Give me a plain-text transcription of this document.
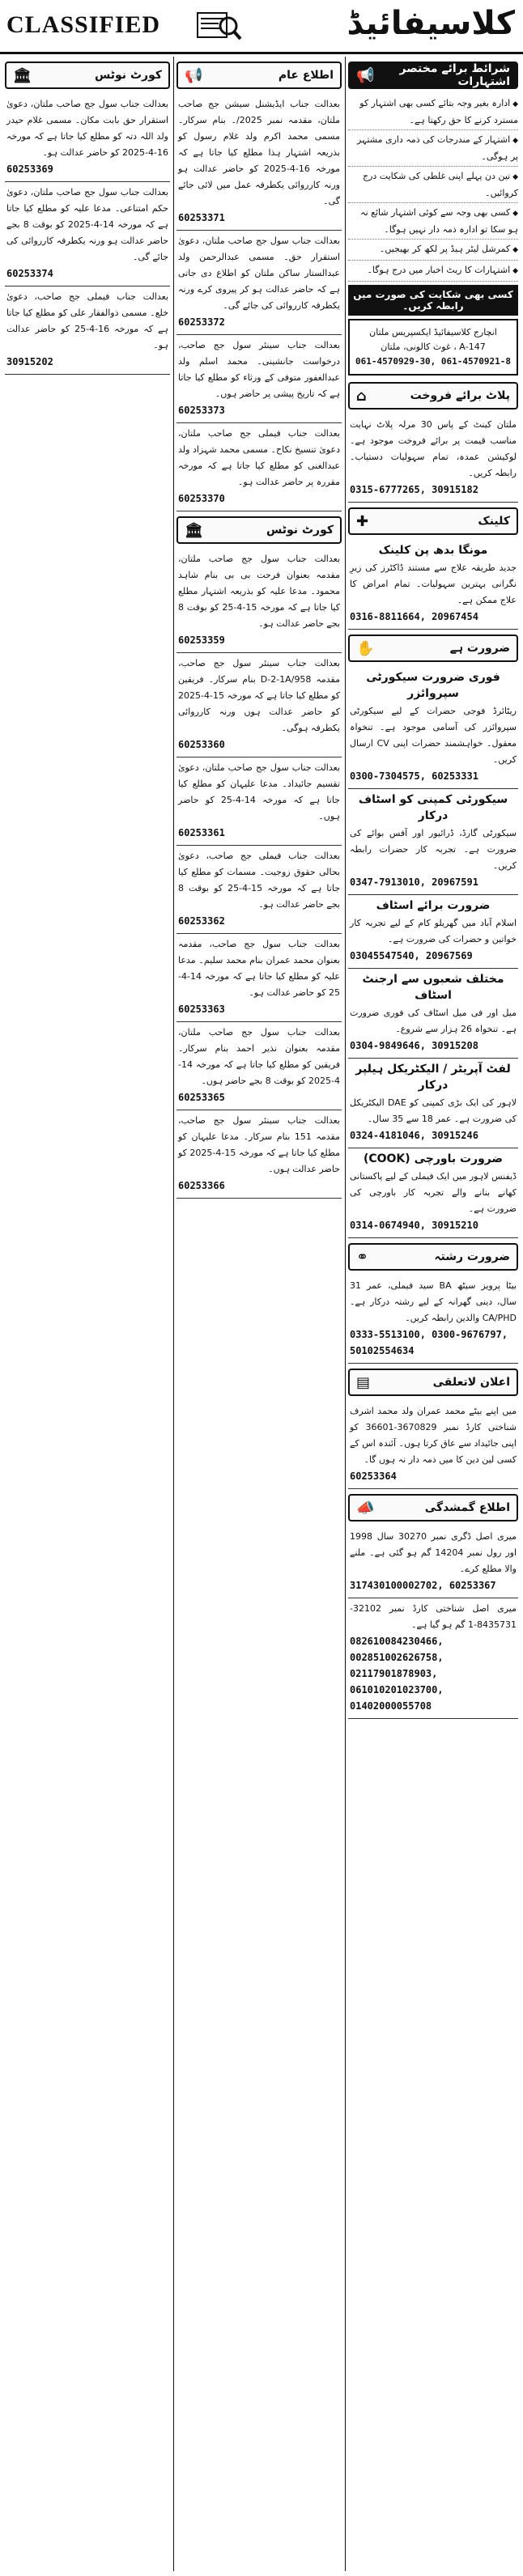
CLASSIFIED	کلاسیفائیڈ
شرائط برائے مختصر اشتہارات
📢
◆ ادارہ بغیر وجہ بتائے کسی بھی اشتہار کو مسترد کرنے کا حق رکھتا ہے۔
◆ اشتہار کے مندرجات کی ذمہ داری مشتہر پر ہوگی۔
◆ تین دن پہلے اپنی غلطی کی شکایت درج کروائیں۔
◆ کسی بھی وجہ سے کوئی اشتہار شائع نہ ہو سکا تو ادارہ ذمہ دار نہیں ہوگا۔
◆ کمرشل لیٹر ہیڈ پر لکھ کر بھیجیں۔
◆ اشتہارات کا ریٹ اخبار میں درج ہوگا۔
کسی بھی شکایت کی صورت میں رابطہ کریں۔
انچارج کلاسیفائیڈ ایکسپریس ملتان
147-A ، غوث کالونی، ملتان
061-4570929-30, 061-4570921-8
پلاٹ برائے فروخت
⌂
ملتان کینٹ کے پاس 30 مرلہ پلاٹ نہایت مناسب قیمت پر برائے فروخت موجود ہے۔ لوکیشن عمدہ، تمام سہولیات دستیاب۔ رابطہ کریں۔
0315-6777265, 30915182
کلینک
✚
مونگا بدھ پن کلینک
جدید طریقہ علاج سے مستند ڈاکٹرز کی زیرِ نگرانی بہترین سہولیات۔ تمام امراض کا علاج ممکن ہے۔
0316-8811664, 20967454
ضرورت ہے
✋
فوری ضرورت سیکورٹی سپروائزر
ریٹائرڈ فوجی حضرات کے لیے سیکورٹی سپروائزر کی آسامی موجود ہے۔ تنخواہ معقول۔ خواہشمند حضرات اپنی CV ارسال کریں۔
0300-7304575, 60253331
سیکورٹی کمپنی کو اسٹاف درکار
سیکورٹی گارڈ، ڈرائیور اور آفس بوائے کی ضرورت ہے۔ تجربہ کار حضرات رابطہ کریں۔
0347-7913010, 20967591
ضرورت برائے اسٹاف
اسلام آباد میں گھریلو کام کے لیے تجربہ کار خواتین و حضرات کی ضرورت ہے۔
03045547540, 20967569
مختلف شعبوں سے ارجنٹ اسٹاف
میل اور فی میل اسٹاف کی فوری ضرورت ہے۔ تنخواہ 26 ہزار سے شروع۔
0304-9849646, 30915208
لفٹ آپریٹر / الیکٹریکل ہیلپر درکار
لاہور کی ایک بڑی کمپنی کو DAE الیکٹریکل کی ضرورت ہے۔ عمر 18 سے 35 سال۔
0324-4181046, 30915246
ضرورت باورچی (COOK)
ڈیفنس لاہور میں ایک فیملی کے لیے پاکستانی کھانے بنانے والے تجربہ کار باورچی کی ضرورت ہے۔
0314-0674940, 30915210
ضرورت رشتہ
⚭
بیٹا پرویز سیٹھ BA سید فیملی، عمر 31 سال، دینی گھرانہ کے لیے رشتہ درکار ہے۔ CA/PHD والدین رابطہ کریں۔
0333-5513100, 0300-9676797, 50102554634
اعلان لاتعلقی
▤
میں اپنے بیٹے محمد عمران ولد محمد اشرف شناختی کارڈ نمبر 3670829-36601 کو اپنی جائیداد سے عاق کرتا ہوں۔ آئندہ اس کے کسی لین دین کا میں ذمہ دار نہ ہوں گا۔
60253364
اطلاع گمشدگی
📣
میری اصل ڈگری نمبر 30270 سال 1998 اور رول نمبر 14204 گم ہو گئی ہے۔ ملنے والا مطلع کرے۔
317430100002702, 60253367
میری اصل شناختی کارڈ نمبر 32102-8435731-1 گم ہو گیا ہے۔
082610084230466, 002851002626758, 02117901878903, 061010201023700, 01402000055708
اطلاع عام
📢
بعدالت جناب ایڈیشنل سیشن جج صاحب ملتان، مقدمہ نمبر 2025/۔ بنام سرکار۔ مسمی محمد اکرم ولد غلام رسول کو بذریعہ اشتہار ہذا مطلع کیا جاتا ہے کہ مورخہ 16-4-2025 کو حاضر عدالت ہو ورنہ کارروائی یکطرفہ عمل میں لائی جائے گی۔
60253371
بعدالت جناب سول جج صاحب ملتان، دعویٰ استقرار حق۔ مسمی عبدالرحمن ولد عبدالستار ساکن ملتان کو اطلاع دی جاتی ہے کہ حاضر عدالت ہو کر پیروی کرے ورنہ یکطرفہ کارروائی کی جائے گی۔
60253372
بعدالت جناب سینئر سول جج صاحب، درخواست جانشینی۔ محمد اسلم ولد عبدالغفور متوفی کے ورثاء کو مطلع کیا جاتا ہے کہ تاریخ پیشی پر حاضر ہوں۔
60253373
بعدالت جناب فیملی جج صاحب ملتان، دعویٰ تنسیخ نکاح۔ مسمی محمد شہزاد ولد عبدالغنی کو مطلع کیا جاتا ہے کہ مورخہ مقررہ پر حاضر عدالت ہو۔
60253370
کورٹ نوٹس
🏛
بعدالت جناب سول جج صاحب ملتان، مقدمہ بعنوان فرحت بی بی بنام شاہد محمود۔ مدعا علیہ کو بذریعہ اشتہار مطلع کیا جاتا ہے کہ مورخہ 15-4-25 کو بوقت 8 بجے حاضر عدالت ہو۔
60253359
بعدالت جناب سینئر سول جج صاحب، مقدمہ 958/D-2-1A بنام سرکار۔ فریقین کو مطلع کیا جاتا ہے کہ مورخہ 15-4-2025 کو حاضر عدالت ہوں ورنہ کارروائی یکطرفہ ہوگی۔
60253360
بعدالت جناب سول جج صاحب ملتان، دعویٰ تقسیم جائیداد۔ مدعا علیہان کو مطلع کیا جاتا ہے کہ مورخہ 14-4-25 کو حاضر ہوں۔
60253361
بعدالت جناب فیملی جج صاحب، دعویٰ بحالی حقوق زوجیت۔ مسمات کو مطلع کیا جاتا ہے کہ مورخہ 15-4-25 کو بوقت 8 بجے حاضر عدالت ہو۔
60253362
بعدالت جناب سول جج صاحب، مقدمہ بعنوان محمد عمران بنام محمد سلیم۔ مدعا علیہ کو مطلع کیا جاتا ہے کہ مورخہ 14-4-25 کو حاضر عدالت ہو۔
60253363
بعدالت جناب سول جج صاحب ملتان، مقدمہ بعنوان نذیر احمد بنام سرکار۔ فریقین کو مطلع کیا جاتا ہے کہ مورخہ 14-4-2025 کو بوقت 8 بجے حاضر ہوں۔
60253365
بعدالت جناب سینئر سول جج صاحب، مقدمہ 151 بنام سرکار۔ مدعا علیہان کو مطلع کیا جاتا ہے کہ مورخہ 15-4-2025 کو حاضر عدالت ہوں۔
60253366
کورٹ نوٹس
🏛
بعدالت جناب سول جج صاحب ملتان، دعویٰ استقرار حق بابت مکان۔ مسمی غلام حیدر ولد اللہ دتہ کو مطلع کیا جاتا ہے کہ مورخہ 16-4-2025 کو حاضر عدالت ہو۔
60253369
بعدالت جناب سول جج صاحب ملتان، دعویٰ حکم امتناعی۔ مدعا علیہ کو مطلع کیا جاتا ہے کہ مورخہ 14-4-2025 کو بوقت 8 بجے حاضر عدالت ہو ورنہ یکطرفہ کارروائی کی جائے گی۔
60253374
بعدالت جناب فیملی جج صاحب، دعویٰ خلع۔ مسمی ذوالفقار علی کو مطلع کیا جاتا ہے کہ مورخہ 16-4-25 کو حاضر عدالت ہو۔
30915202
